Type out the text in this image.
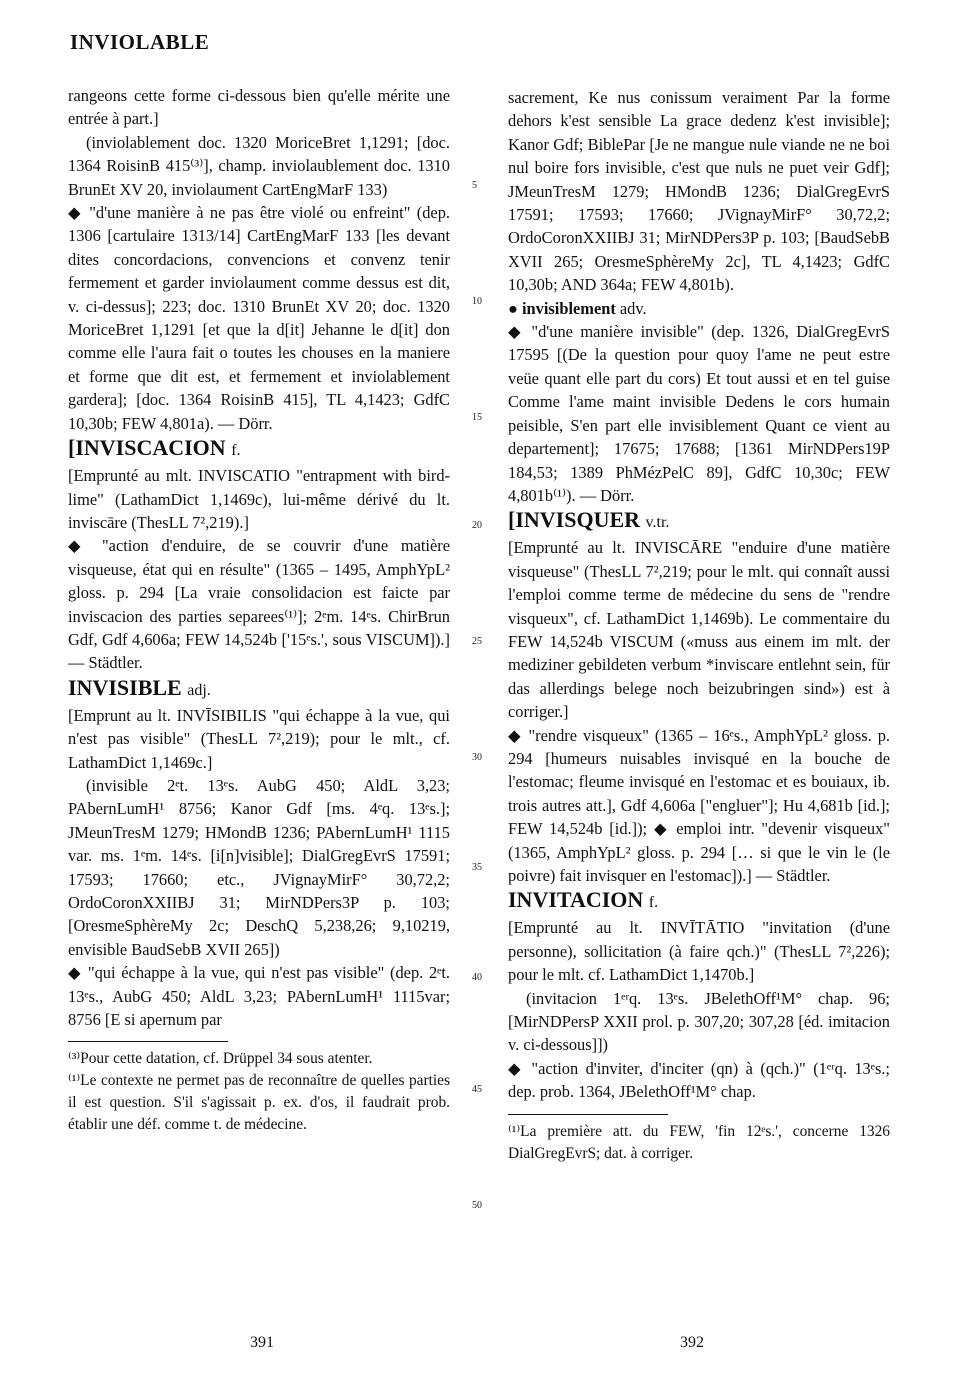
INVIOLABLE

rangeons cette forme ci-dessous bien qu'elle mérite une entrée à part.]

(inviolablement doc. 1320 MoriceBret 1,1291; [doc. 1364 RoisinB 415⁽³⁾], champ. inviolaublement doc. 1310 BrunEt XV 20, inviolaument CartEngMarF 133)

◆ "d'une manière à ne pas être violé ou enfreint" (dep. 1306 [cartulaire 1313/14] CartEngMarF 133 [les devant dites concordacions, convencions et convenz tenir fermement et garder inviolaument comme dessus est dit, v. ci-dessus]; 223; doc. 1310 BrunEt XV 20; doc. 1320 MoriceBret 1,1291 [et que la d[it] Jehanne le d[it] don comme elle l'aura fait o toutes les chouses en la maniere et forme que dit est, et fermement et inviolablement gardera]; [doc. 1364 RoisinB 415], TL 4,1423; GdfC 10,30b; FEW 4,801a). — Dörr.

[INVISCACION f.

[Emprunté au mlt. INVISCATIO "entrapment with bird-lime" (LathamDict 1,1469c), lui-même dérivé du lt. inviscāre (ThesLL 7²,219).]

◆ "action d'enduire, de se couvrir d'une matière visqueuse, état qui en résulte" (1365 – 1495, AmphYpL² gloss. p. 294 [La vraie consolidacion est faicte par inviscacion des parties separees⁽¹⁾]; 2ᵉm. 14ᵉs. ChirBrun Gdf, Gdf 4,606a; FEW 14,524b ['15ᵉs.', sous VISCUM]).] — Städtler.

INVISIBLE adj.

[Emprunt au lt. INVĪSIBILIS "qui échappe à la vue, qui n'est pas visible" (ThesLL 7²,219); pour le mlt., cf. LathamDict 1,1469c.]

(invisible 2ᵉt. 13ᵉs. AubG 450; AldL 3,23; PAbernLumH¹ 8756; Kanor Gdf [ms. 4ᵉq. 13ᵉs.]; JMeunTresM 1279; HMondB 1236; PAbernLumH¹ 1115 var. ms. 1ᵉm. 14ᵉs. [i[n]visible]; DialGregEvrS 17591; 17593; 17660; etc., JVignayMirF° 30,72,2; OrdoCoronXXIIBJ 31; MirNDPers3P p. 103; [OresmeSphèreMy 2c; DeschQ 5,238,26; 9,10219, envisible BaudSebB XVII 265])

◆ "qui échappe à la vue, qui n'est pas visible" (dep. 2ᵉt. 13ᵉs., AubG 450; AldL 3,23; PAbernLumH¹ 1115var; 8756 [E si apernum par

⁽³⁾Pour cette datation, cf. Drüppel 34 sous atenter.

⁽¹⁾Le contexte ne permet pas de reconnaître de quelles parties il est question. S'il s'agissait p. ex. d'os, il faudrait prob. établir une déf. comme t. de médecine.

5
10
15
20
25
30
35
40
45
50

sacrement, Ke nus conissum veraiment Par la forme dehors k'est sensible La grace dedenz k'est invisible]; Kanor Gdf; BiblePar [Je ne mangue nule viande ne ne boi nul boire fors invisible, c'est que nuls ne puet veir Gdf]; JMeunTresM 1279; HMondB 1236; DialGregEvrS 17591; 17593; 17660; JVignayMirF° 30,72,2; OrdoCoronXXIIBJ 31; MirNDPers3P p. 103; [BaudSebB XVII 265; OresmeSphèreMy 2c], TL 4,1423; GdfC 10,30b; AND 364a; FEW 4,801b).

● invisiblement adv.

◆ "d'une manière invisible" (dep. 1326, DialGregEvrS 17595 [(De la question pour quoy l'ame ne peut estre veüe quant elle part du cors) Et tout aussi et en tel guise Comme l'ame maint invisible Dedens le cors humain peisible, S'en part elle invisiblement Quant ce vient au departement]; 17675; 17688; [1361 MirNDPers19P 184,53; 1389 PhMézPelC 89], GdfC 10,30c; FEW 4,801b⁽¹⁾). — Dörr.

[INVISQUER v.tr.

[Emprunté au lt. INVISCĀRE "enduire d'une matière visqueuse" (ThesLL 7²,219; pour le mlt. qui connaît aussi l'emploi comme terme de médecine du sens de "rendre visqueux", cf. LathamDict 1,1469b). Le commentaire du FEW 14,524b VISCUM («muss aus einem im mlt. der mediziner gebildeten verbum *inviscare entlehnt sein, für das allerdings belege noch beizubringen sind») est à corriger.]

◆ "rendre visqueux" (1365 – 16ᵉs., AmphYpL² gloss. p. 294 [humeurs nuisables invisqué en la bouche de l'estomac; fleume invisqué en l'estomac et es bouiaux, ib. trois autres att.], Gdf 4,606a ["engluer"]; Hu 4,681b [id.]; FEW 14,524b [id.]); ◆ emploi intr. "devenir visqueux" (1365, AmphYpL² gloss. p. 294 [… si que le vin le (le poivre) fait invisquer en l'estomac]).] — Städtler.

INVITACION f.

[Emprunté au lt. INVĪTĀTIO "invitation (d'une personne), sollicitation (à faire qch.)" (ThesLL 7²,226); pour le mlt. cf. LathamDict 1,1470b.]

(invitacion 1ᵉʳq. 13ᵉs. JBelethOff¹M° chap. 96; [MirNDPersP XXII prol. p. 307,20; 307,28 [éd. imitacion v. ci-dessous]])

◆ "action d'inviter, d'inciter (qn) à (qch.)" (1ᵉʳq. 13ᵉs.; dep. prob. 1364, JBelethOff¹M° chap.

⁽¹⁾La première att. du FEW, 'fin 12ᵉs.', concerne 1326 DialGregEvrS; dat. à corriger.

391	392
